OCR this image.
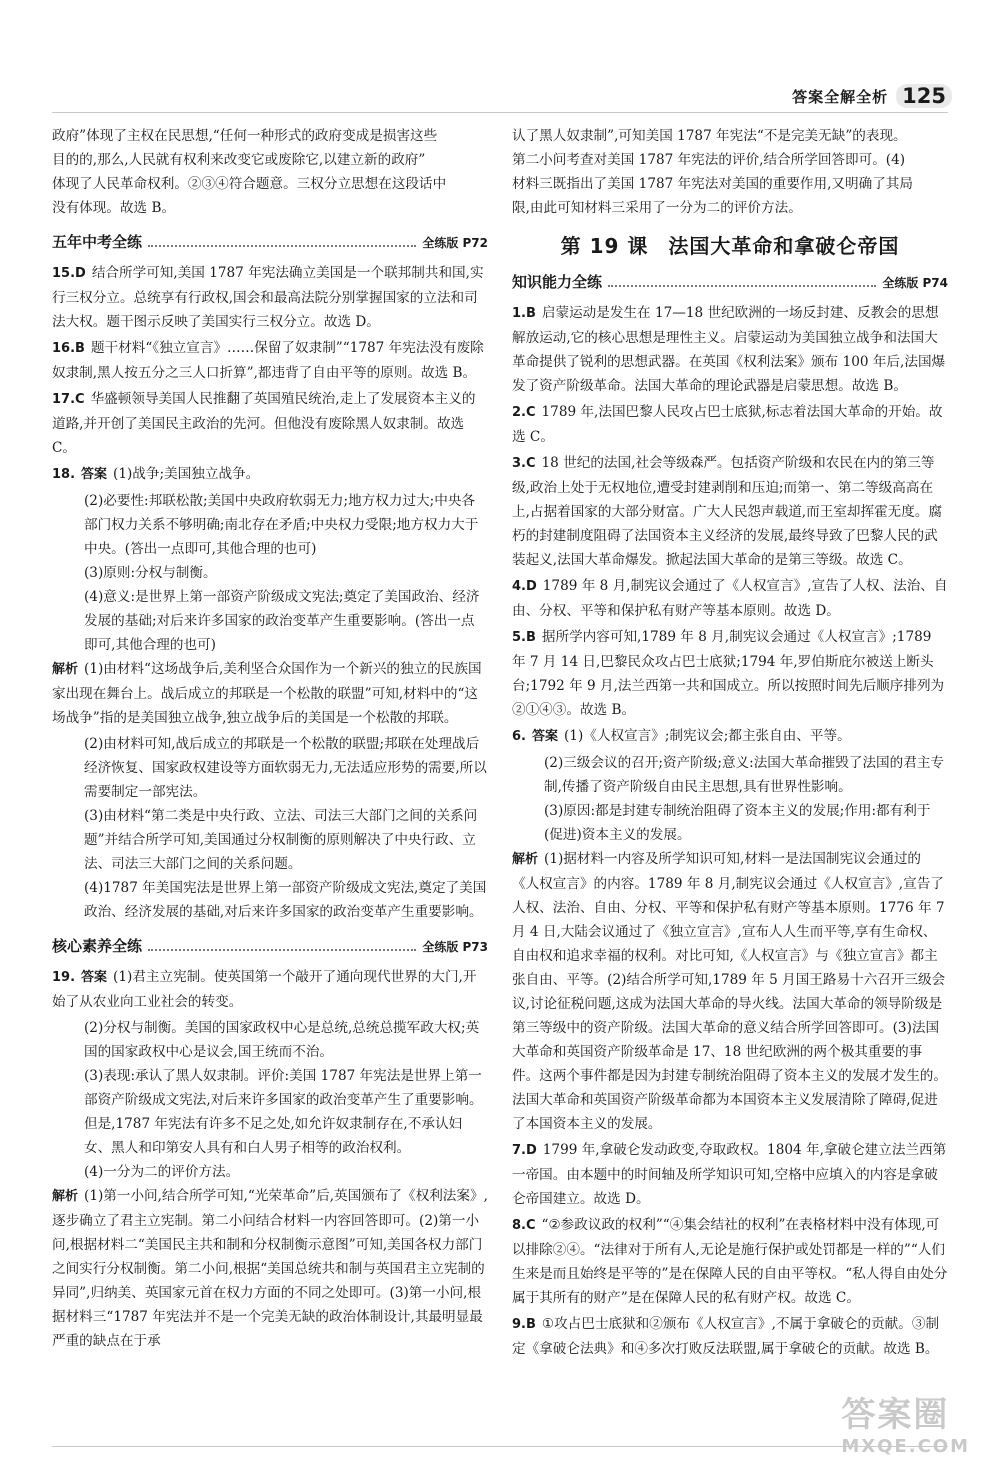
答案全解全析 125

政府”体现了主权在民思想,“任何一种形式的政府变成是损害这些

目的的,那么,人民就有权利来改变它或废除它,以建立新的政府”

体现了人民革命权利。②③④符合题意。三权分立思想在这段话中

没有体现。故选 B。

五年中考全练	全练版 P72

15.D 结合所学可知,美国 1787 年宪法确立美国是一个联邦制共和国,实行三权分立。总统享有行政权,国会和最高法院分别掌握国家的立法和司法大权。题干图示反映了美国实行三权分立。故选 D。

16.B 题干材料“《独立宣言》……保留了奴隶制”“1787 年宪法没有废除奴隶制,黑人按五分之三人口折算”,都违背了自由平等的原则。故选 B。

17.C 华盛顿领导美国人民推翻了英国殖民统治,走上了发展资本主义的道路,并开创了美国民主政治的先河。但他没有废除黑人奴隶制。故选 C。

18. 答案 (1)战争;美国独立战争。

(2)必要性:邦联松散;美国中央政府软弱无力;地方权力过大;中央各部门权力关系不够明确;南北存在矛盾;中央权力受限;地方权力大于中央。(答出一点即可,其他合理的也可)

(3)原则:分权与制衡。

(4)意义:是世界上第一部资产阶级成文宪法;奠定了美国政治、经济发展的基础;对后来许多国家的政治变革产生重要影响。(答出一点即可,其他合理的也可)

解析 (1)由材料“这场战争后,美利坚合众国作为一个新兴的独立的民族国家出现在舞台上。战后成立的邦联是一个松散的联盟”可知,材料中的“这场战争”指的是美国独立战争,独立战争后的美国是一个松散的邦联。

(2)由材料可知,战后成立的邦联是一个松散的联盟;邦联在处理战后经济恢复、国家政权建设等方面软弱无力,无法适应形势的需要,所以需要制定一部宪法。

(3)由材料“第二类是中央行政、立法、司法三大部门之间的关系问题”并结合所学可知,美国通过分权制衡的原则解决了中央行政、立法、司法三大部门之间的关系问题。

(4)1787 年美国宪法是世界上第一部资产阶级成文宪法,奠定了美国政治、经济发展的基础,对后来许多国家的政治变革产生重要影响。

核心素养全练	全练版 P73

19. 答案 (1)君主立宪制。使英国第一个敲开了通向现代世界的大门,开始了从农业向工业社会的转变。

(2)分权与制衡。美国的国家政权中心是总统,总统总揽军政大权;英国的国家政权中心是议会,国王统而不治。

(3)表现:承认了黑人奴隶制。评价:美国 1787 年宪法是世界上第一部资产阶级成文宪法,对后来许多国家的政治变革产生了重要影响。但是,1787 年宪法有许多不足之处,如允许奴隶制存在,不承认妇女、黑人和印第安人具有和白人男子相等的政治权利。

(4)一分为二的评价方法。

解析 (1)第一小问,结合所学可知,“光荣革命”后,英国颁布了《权利法案》,逐步确立了君主立宪制。第二小问结合材料一内容回答即可。(2)第一小问,根据材料二“美国民主共和制和分权制衡示意图”可知,美国各权力部门之间实行分权制衡。第二小问,根据“美国总统共和制与英国君主立宪制的异同”,归纳美、英国家元首在权力方面的不同之处即可。(3)第一小问,根据材料三“1787 年宪法并不是一个完美无缺的政治体制设计,其最明显最严重的缺点在于承

认了黑人奴隶制”,可知美国 1787 年宪法“不是完美无缺”的表现。

第二小问考查对美国 1787 年宪法的评价,结合所学回答即可。(4)

材料三既指出了美国 1787 年宪法对美国的重要作用,又明确了其局

限,由此可知材料三采用了一分为二的评价方法。

第 19 课 法国大革命和拿破仑帝国
知识能力全练	全练版 P74

1.B 启蒙运动是发生在 17—18 世纪欧洲的一场反封建、反教会的思想解放运动,它的核心思想是理性主义。启蒙运动为美国独立战争和法国大革命提供了锐利的思想武器。在英国《权利法案》颁布 100 年后,法国爆发了资产阶级革命。法国大革命的理论武器是启蒙思想。故选 B。

2.C 1789 年,法国巴黎人民攻占巴士底狱,标志着法国大革命的开始。故选 C。

3.C 18 世纪的法国,社会等级森严。包括资产阶级和农民在内的第三等级,政治上处于无权地位,遭受封建剥削和压迫;而第一、第二等级高高在上,占据着国家的大部分财富。广大人民怨声载道,而王室却挥霍无度。腐朽的封建制度阻碍了法国资本主义经济的发展,最终导致了巴黎人民的武装起义,法国大革命爆发。掀起法国大革命的是第三等级。故选 C。

4.D 1789 年 8 月,制宪议会通过了《人权宣言》,宣告了人权、法治、自由、分权、平等和保护私有财产等基本原则。故选 D。

5.B 据所学内容可知,1789 年 8 月,制宪议会通过《人权宣言》;1789 年 7 月 14 日,巴黎民众攻占巴士底狱;1794 年,罗伯斯庇尔被送上断头台;1792 年 9 月,法兰西第一共和国成立。所以按照时间先后顺序排列为②①④③。故选 B。

6. 答案 (1)《人权宣言》;制宪议会;都主张自由、平等。

(2)三级会议的召开;资产阶级;意义:法国大革命摧毁了法国的君主专制,传播了资产阶级自由民主思想,具有世界性影响。

(3)原因:都是封建专制统治阻碍了资本主义的发展;作用:都有利于(促进)资本主义的发展。

解析 (1)据材料一内容及所学知识可知,材料一是法国制宪议会通过的《人权宣言》的内容。1789 年 8 月,制宪议会通过《人权宣言》,宣告了人权、法治、自由、分权、平等和保护私有财产等基本原则。1776 年 7 月 4 日,大陆会议通过了《独立宣言》,宣布人人生而平等,享有生命权、自由权和追求幸福的权利。对比可知,《人权宣言》与《独立宣言》都主张自由、平等。(2)结合所学可知,1789 年 5 月国王路易十六召开三级会议,讨论征税问题,这成为法国大革命的导火线。法国大革命的领导阶级是第三等级中的资产阶级。法国大革命的意义结合所学回答即可。(3)法国大革命和英国资产阶级革命是 17、18 世纪欧洲的两个极其重要的事件。这两个事件都是因为封建专制统治阻碍了资本主义的发展才发生的。法国大革命和英国资产阶级革命都为本国资本主义发展清除了障碍,促进了本国资本主义的发展。

7.D 1799 年,拿破仑发动政变,夺取政权。1804 年,拿破仑建立法兰西第一帝国。由本题中的时间轴及所学知识可知,空格中应填入的内容是拿破仑帝国建立。故选 D。

8.C “②参政议政的权利”“④集会结社的权利”在表格材料中没有体现,可以排除②④。“法律对于所有人,无论是施行保护或处罚都是一样的”“人们生来是而且始终是平等的”是在保障人民的自由平等权。“私人得自由处分属于其所有的财产”是在保障人民的私有财产权。故选 C。

9.B ①攻占巴士底狱和②颁布《人权宣言》,不属于拿破仑的贡献。③制定《拿破仑法典》和④多次打败反法联盟,属于拿破仑的贡献。故选 B。

答案圈
MXQE.COM
